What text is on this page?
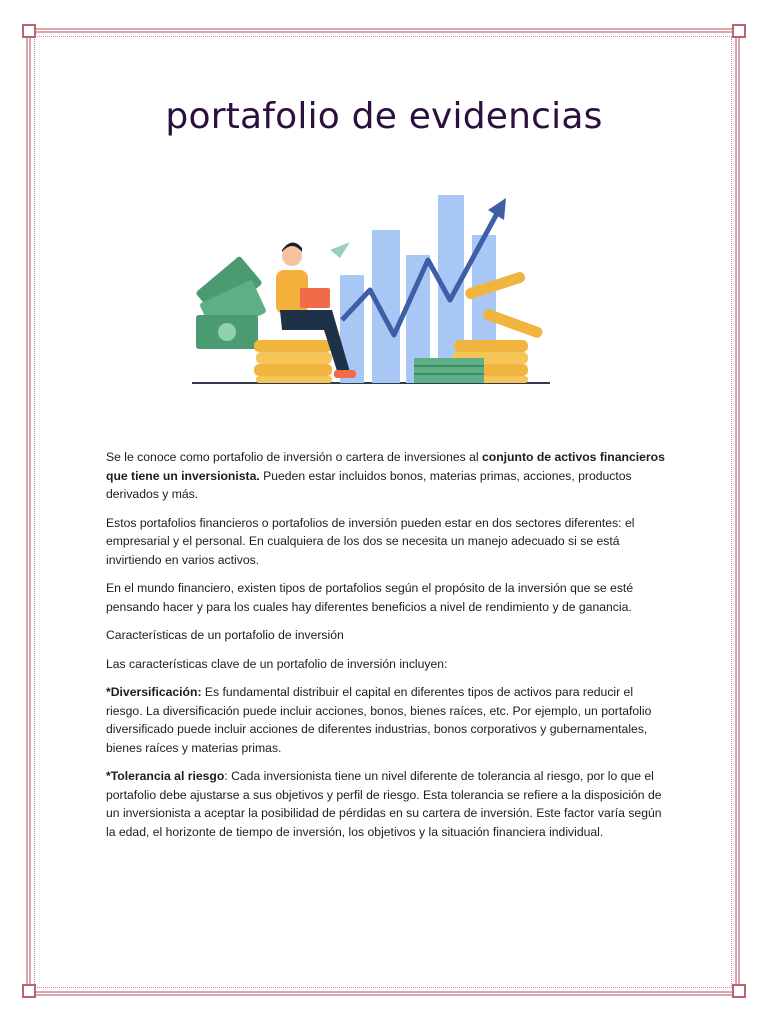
portafolio de evidencias

Se le conoce como portafolio de inversión o cartera de inversiones al conjunto de activos financieros que tiene un inversionista. Pueden estar incluidos bonos, materias primas, acciones, productos derivados y más.

Estos portafolios financieros o portafolios de inversión pueden estar en dos sectores diferentes: el empresarial y el personal. En cualquiera de los dos se necesita un manejo adecuado si se está invirtiendo en varios activos.

En el mundo financiero, existen tipos de portafolios según el propósito de la inversión que se esté pensando hacer y para los cuales hay diferentes beneficios a nivel de rendimiento y de ganancia.

Características de un portafolio de inversión

Las características clave de un portafolio de inversión incluyen:

*Diversificación: Es fundamental distribuir el capital en diferentes tipos de activos para reducir el riesgo. La diversificación puede incluir acciones, bonos, bienes raíces, etc. Por ejemplo, un portafolio diversificado puede incluir acciones de diferentes industrias, bonos corporativos y gubernamentales, bienes raíces y materias primas.

*Tolerancia al riesgo: Cada inversionista tiene un nivel diferente de tolerancia al riesgo, por lo que el portafolio debe ajustarse a sus objetivos y perfil de riesgo. Esta tolerancia se refiere a la disposición de un inversionista a aceptar la posibilidad de pérdidas en su cartera de inversión. Este factor varía según la edad, el horizonte de tiempo de inversión, los objetivos y la situación financiera individual.
